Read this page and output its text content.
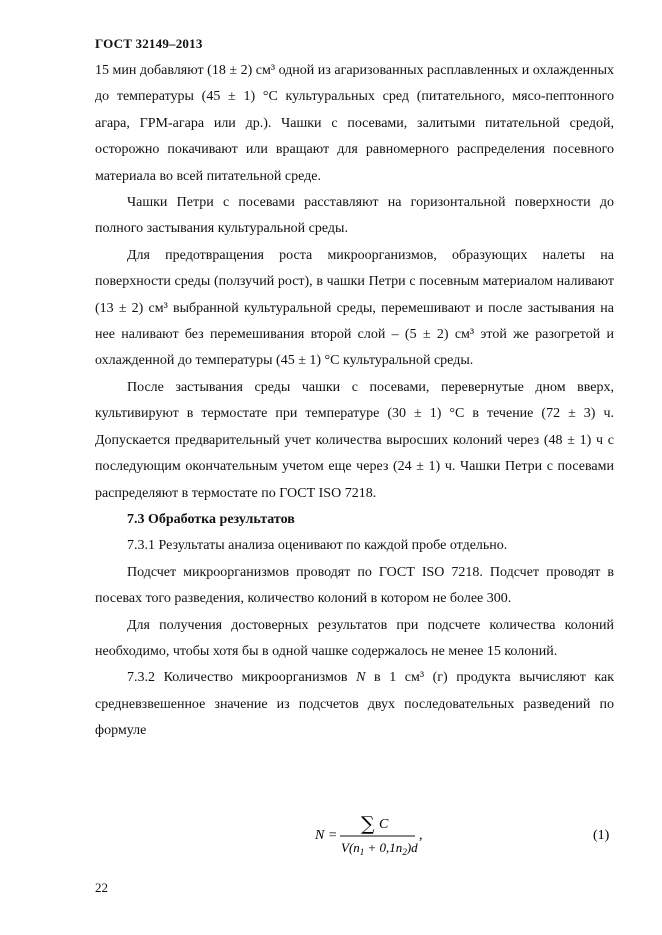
ГОСТ 32149–2013

15 мин добавляют (18 ± 2) см³ одной из агаризованных расплавленных и охлажденных до температуры (45 ± 1) °С культуральных сред (питательного, мясо-пептонного агара, ГРМ-агара или др.). Чашки с посевами, залитыми питательной средой, осторожно покачивают или вращают для равномерного распределения посевного материала во всей питательной среде.

Чашки Петри с посевами расставляют на горизонтальной поверхности до полного застывания культуральной среды.

Для предотвращения роста микроорганизмов, образующих налеты на поверхности среды (ползучий рост), в чашки Петри с посевным материалом наливают (13 ± 2) см³ выбранной культуральной среды, перемешивают и после застывания на нее наливают без перемешивания второй слой – (5 ± 2) см³ этой же разогретой и охлажденной до температуры (45 ± 1) °С культуральной среды.

После застывания среды чашки с посевами, перевернутые дном вверх, культивируют в термостате при температуре (30 ± 1) °С в течение (72 ± 3) ч. Допускается предварительный учет количества выросших колоний через (48 ± 1) ч с последующим окончательным учетом еще через (24 ± 1) ч. Чашки Петри с посевами распределяют в термостате по ГОСТ ISO 7218.

7.3 Обработка результатов

7.3.1 Результаты анализа оценивают по каждой пробе отдельно.

Подсчет микроорганизмов проводят по ГОСТ ISO 7218. Подсчет проводят в посевах того разведения, количество колоний в котором не более 300.

Для получения достоверных результатов при подсчете количества колоний необходимо, чтобы хотя бы в одной чашке содержалось не менее 15 колоний.

7.3.2 Количество микроорганизмов N в 1 см³ (г) продукта вычисляют как средневзвешенное значение из подсчетов двух последовательных разведений по формуле

N =
∑ C
$V(n_1 + 0,1n_2)d$
,	(1)
22
